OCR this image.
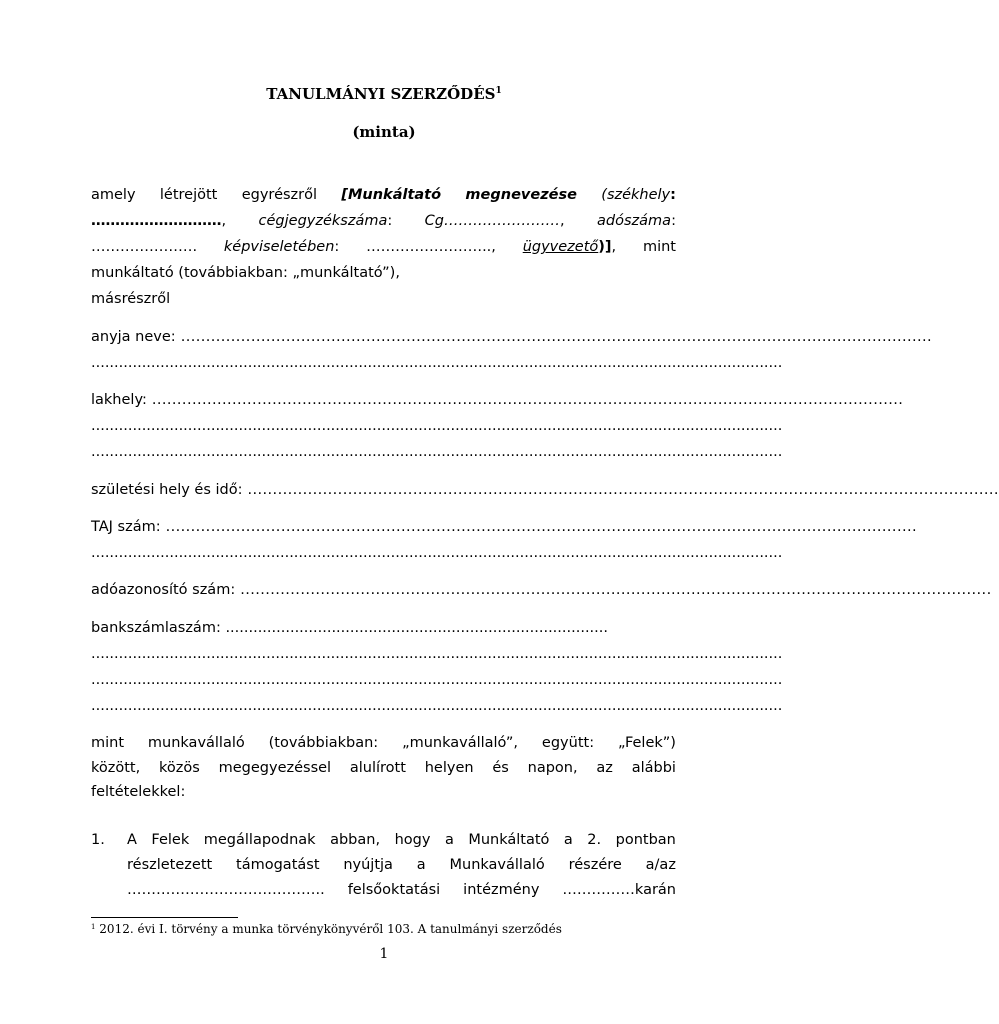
TANULMÁNYI SZERZŐDÉS$^1$
(minta)
amely létrejött egyrészről [Munkáltató megnevezése (székhely:
………………………, cégjegyzékszáma: Cg……………………, adószáma:
…………………. képviseletében: …………………….., ügyvezető)], mint
munkáltató (továbbiakban: „munkáltató”),
másrészről
anyja neve: ......................................................................................................................................................
......................................................................................................................................................
lakhely: ......................................................................................................................................................
......................................................................................................................................................
......................................................................................................................................................
születési hely és idő: ......................................................................................................................................................
TAJ szám: ......................................................................................................................................................
......................................................................................................................................................
adóazonosító szám: ......................................................................................................................................................
bankszámlaszám: ...................................................................................
......................................................................................................................................................
......................................................................................................................................................
......................................................................................................................................................
mint munkavállaló (továbbiakban: „munkavállaló”, együtt: „Felek”)
között, közös megegyezéssel alulírott helyen és napon, az alábbi
feltételekkel:
1. A Felek megállapodnak abban, hogy a Munkáltató a 2. pontban
részletezett támogatást nyújtja a Munkavállaló részére a/az
………………………………….. felsőoktatási intézmény ……………karán
$^1$ 2012. évi I. törvény a munka törvénykönyvéről 103. A tanulmányi szerződés
1
